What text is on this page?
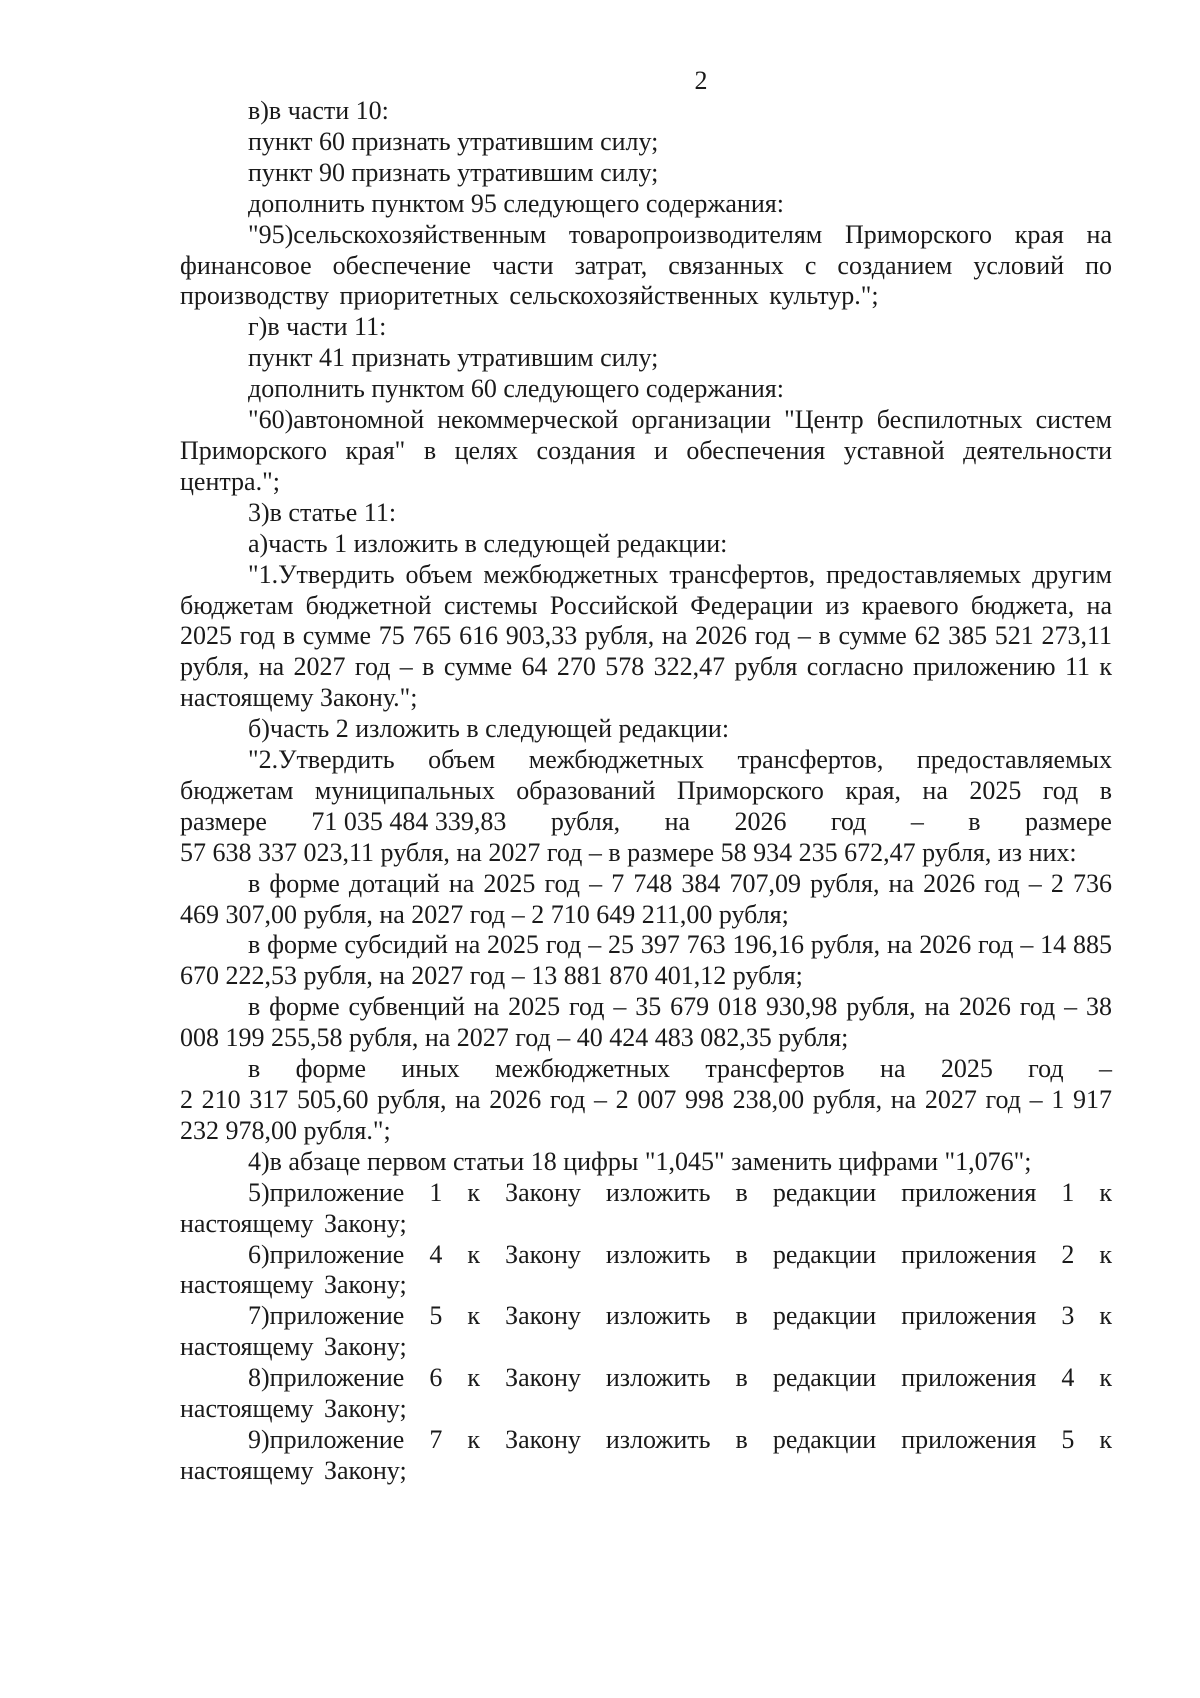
2

в)в части 10:

пункт 60 признать утратившим силу;

пункт 90 признать утратившим силу;

дополнить пунктом 95 следующего содержания:

"95)сельскохозяйственным товаропроизводителям Приморского края на финансовое обеспечение части затрат, связанных с созданием условий по производству приоритетных сельскохозяйственных культур.";

г)в части 11:

пункт 41 признать утратившим силу;

дополнить пунктом 60 следующего содержания:

"60)автономной некоммерческой организации "Центр беспилотных систем Приморского края" в целях создания и обеспечения уставной деятельности центра.";

3)в статье 11:

а)часть 1 изложить в следующей редакции:

"1.Утвердить объем межбюджетных трансфертов, предоставляемых другим бюджетам бюджетной системы Российской Федерации из краевого бюджета, на 2025 год в сумме 75 765 616 903,33 рубля, на 2026 год – в сумме 62 385 521 273,11 рубля, на 2027 год – в сумме 64 270 578 322,47 рубля согласно приложению 11 к настоящему Закону.";

б)часть 2 изложить в следующей редакции:

"2.Утвердить объем межбюджетных трансфертов, предоставляемых бюджетам муниципальных образований Приморского края, на 2025 год в

размере 71 035 484 339,83 рубля, на 2026 год – в размере

57 638 337 023,11 рубля, на 2027 год – в размере 58 934 235 672,47 рубля, из них:

в форме дотаций на 2025 год – 7 748 384 707,09 рубля, на 2026 год – 2 736 469 307,00 рубля, на 2027 год – 2 710 649 211,00 рубля;

в форме субсидий на 2025 год – 25 397 763 196,16 рубля, на 2026 год – 14 885 670 222,53 рубля, на 2027 год – 13 881 870 401,12 рубля;

в форме субвенций на 2025 год – 35 679 018 930,98 рубля, на 2026 год – 38 008 199 255,58 рубля, на 2027 год – 40 424 483 082,35 рубля;

в форме иных межбюджетных трансфертов на 2025 год –

2 210 317 505,60 рубля, на 2026 год – 2 007 998 238,00 рубля, на 2027 год – 1 917 232 978,00 рубля.";

4)в абзаце первом статьи 18 цифры "1,045" заменить цифрами "1,076";

5)приложение 1 к Закону изложить в редакции приложения 1 к настоящему Закону;

6)приложение 4 к Закону изложить в редакции приложения 2 к настоящему Закону;

7)приложение 5 к Закону изложить в редакции приложения 3 к настоящему Закону;

8)приложение 6 к Закону изложить в редакции приложения 4 к настоящему Закону;

9)приложение 7 к Закону изложить в редакции приложения 5 к настоящему Закону;
